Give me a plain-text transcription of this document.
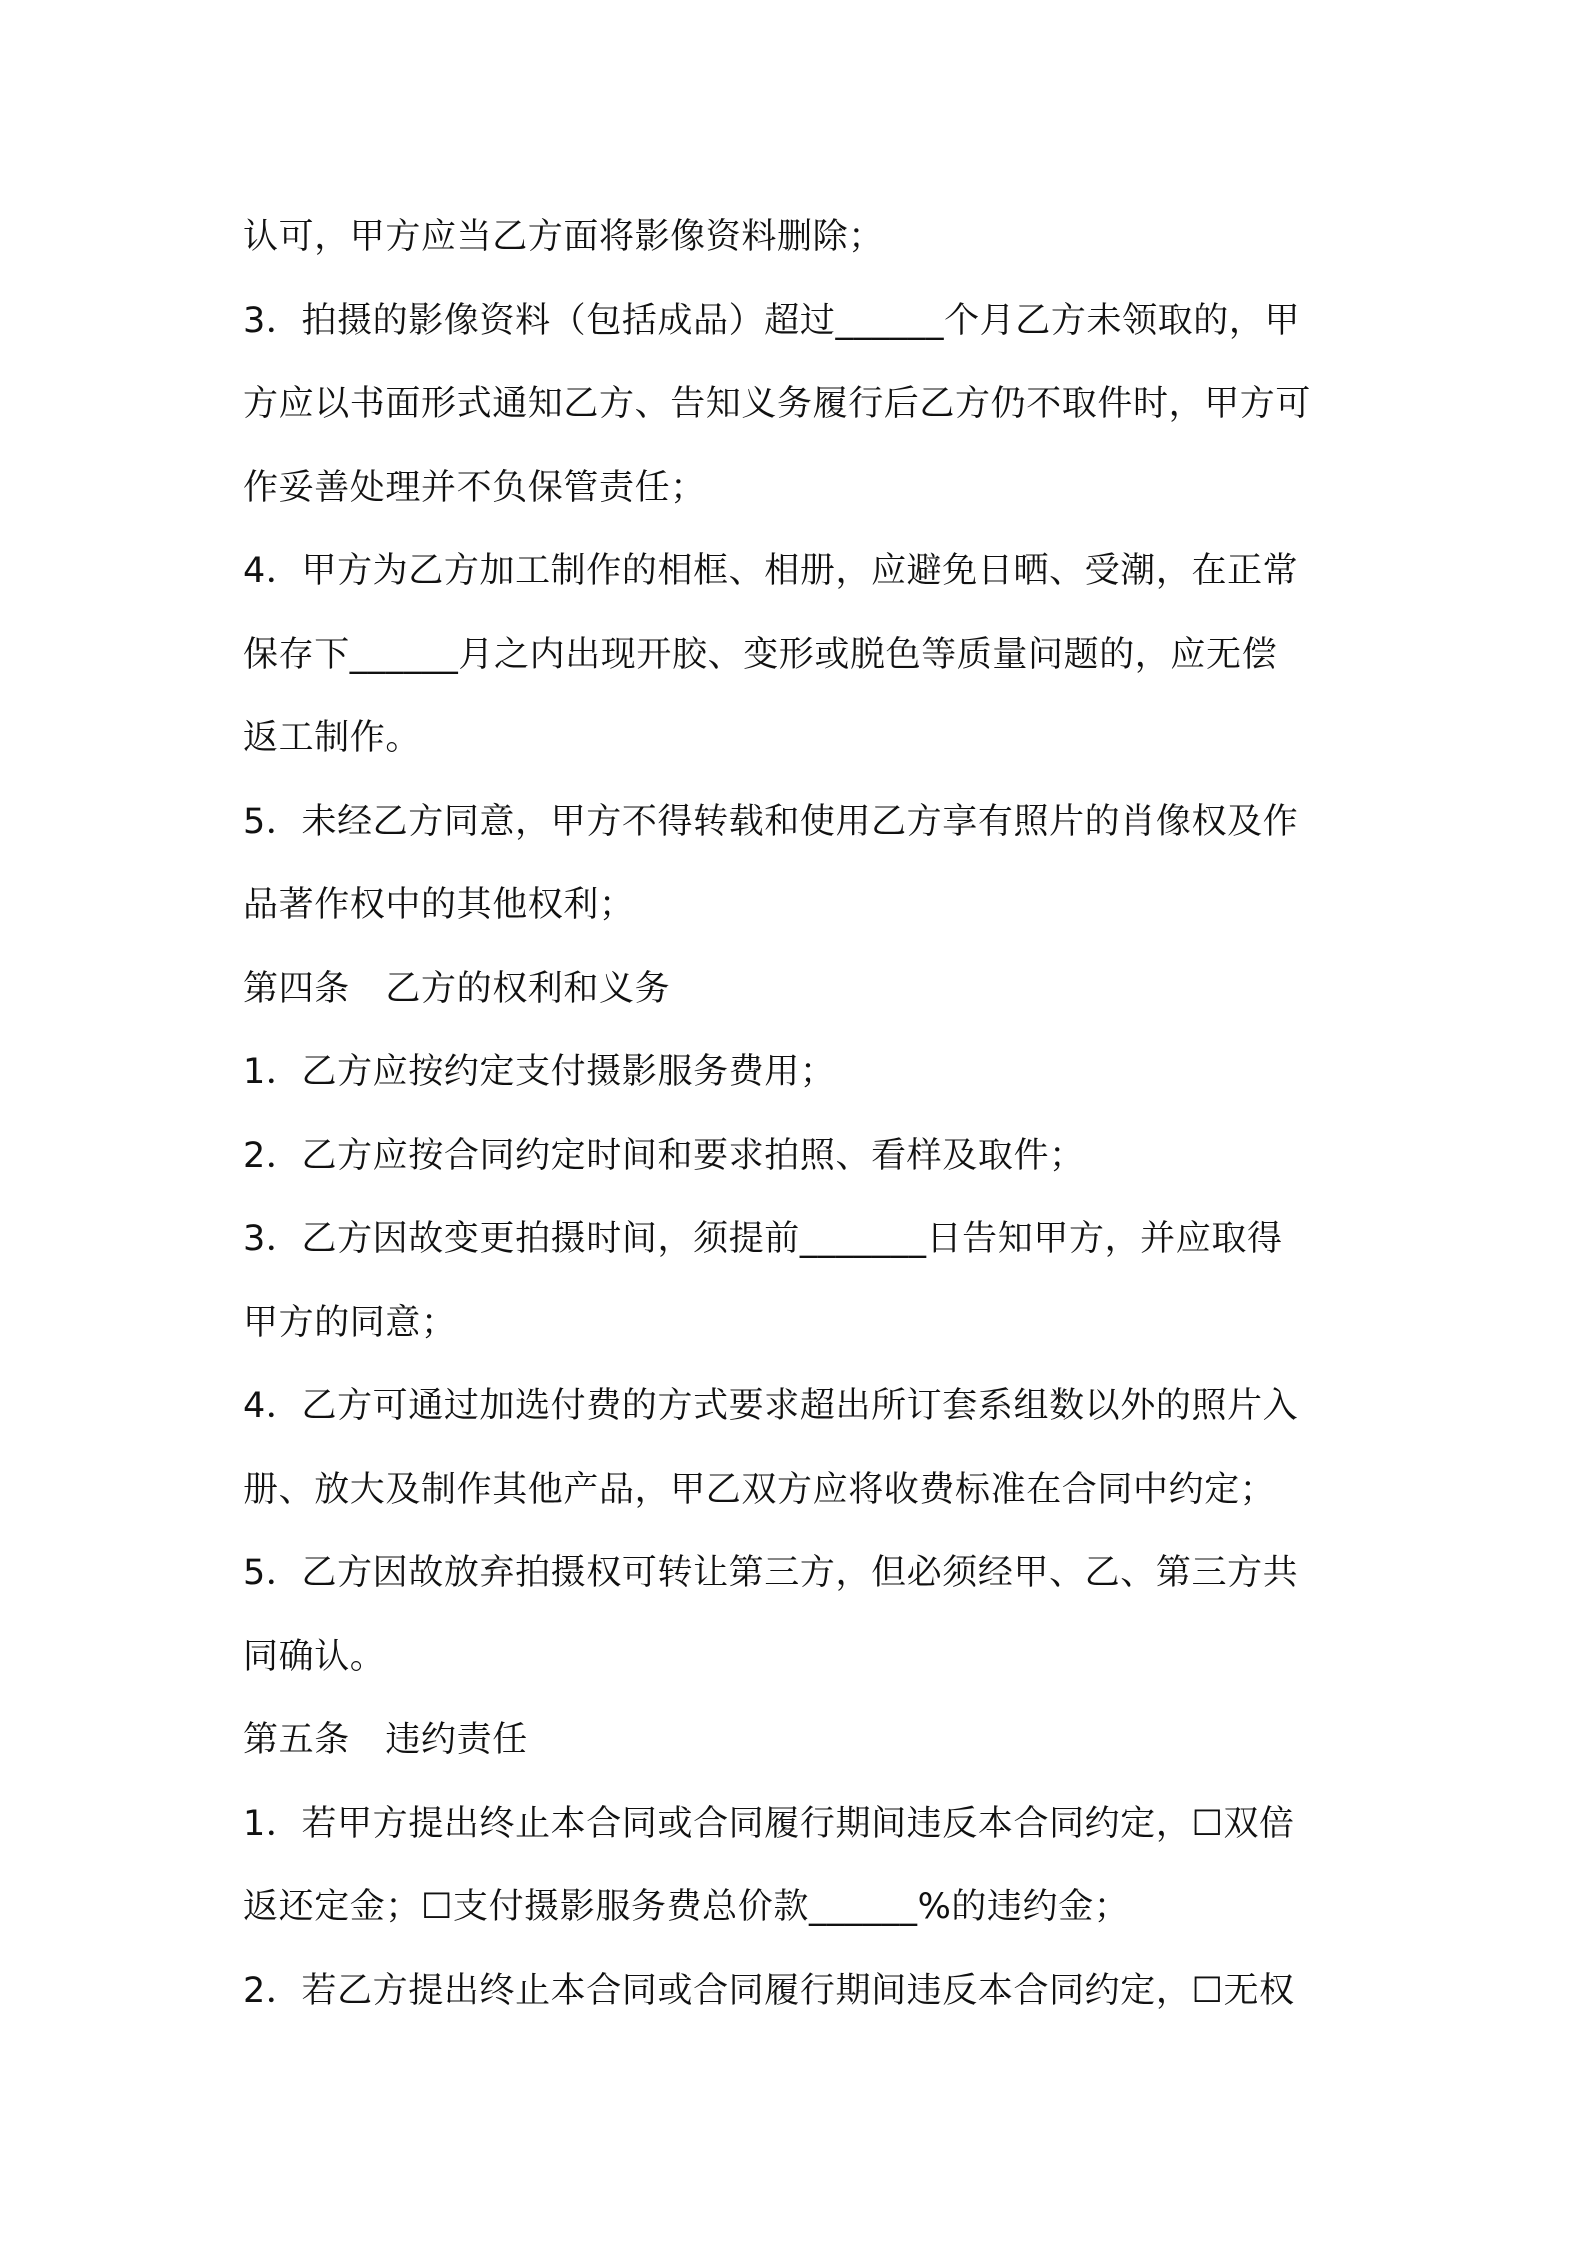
认可，甲方应当乙方面将影像资料删除；
3．拍摄的影像资料（包括成品）超过______个月乙方未领取的，甲
方应以书面形式通知乙方、告知义务履行后乙方仍不取件时，甲方可
作妥善处理并不负保管责任；
4．甲方为乙方加工制作的相框、相册，应避免日晒、受潮，在正常
保存下______月之内出现开胶、变形或脱色等质量问题的，应无偿
返工制作。
5．未经乙方同意，甲方不得转载和使用乙方享有照片的肖像权及作
品著作权中的其他权利；
第四条　乙方的权利和义务
1．乙方应按约定支付摄影服务费用；
2．乙方应按合同约定时间和要求拍照、看样及取件；
3．乙方因故变更拍摄时间，须提前_______日告知甲方，并应取得
甲方的同意；
4．乙方可通过加选付费的方式要求超出所订套系组数以外的照片入
册、放大及制作其他产品，甲乙双方应将收费标准在合同中约定；
5．乙方因故放弃拍摄权可转让第三方，但必须经甲、乙、第三方共
同确认。
第五条　违约责任
1．若甲方提出终止本合同或合同履行期间违反本合同约定，☐双倍
返还定金；☐支付摄影服务费总价款______%的违约金；
2．若乙方提出终止本合同或合同履行期间违反本合同约定，☐无权
